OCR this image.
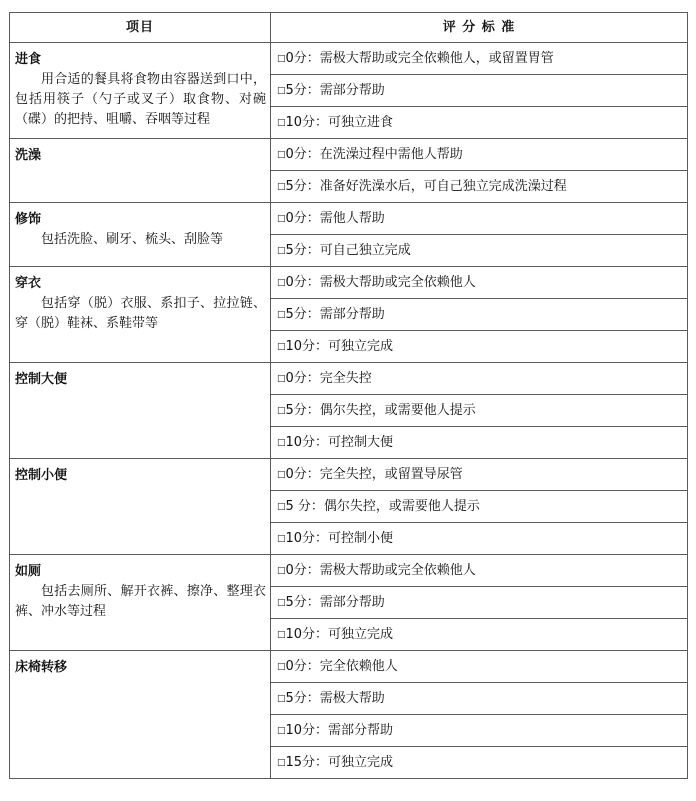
项目	评 分 标 准

进食
用合适的餐具将食物由容器送到口中，包括用筷子（勺子或叉子）取食物、对碗（碟）的把持、咀嚼、吞咽等过程	□0分：需极大帮助或完全依赖他人，或留置胃管
	□5分：需部分帮助
	□10分：可独立进食

洗澡	□0分：在洗澡过程中需他人帮助
	□5分：准备好洗澡水后，可自己独立完成洗澡过程

修饰
包括洗脸、刷牙、梳头、刮脸等	□0分：需他人帮助
	□5分：可自己独立完成

穿衣
包括穿（脱）衣服、系扣子、拉拉链、穿（脱）鞋袜、系鞋带等	□0分：需极大帮助或完全依赖他人
	□5分：需部分帮助
	□10分：可独立完成

控制大便	□0分：完全失控
	□5分：偶尔失控，或需要他人提示
	□10分：可控制大便

控制小便	□0分：完全失控，或留置导尿管
	□5 分：偶尔失控，或需要他人提示
	□10分：可控制小便

如厕
包括去厕所、解开衣裤、擦净、整理衣裤、冲水等过程	□0分：需极大帮助或完全依赖他人
	□5分：需部分帮助
	□10分：可独立完成

床椅转移	□0分：完全依赖他人
	□5分：需极大帮助
	□10分：需部分帮助
	□15分：可独立完成
